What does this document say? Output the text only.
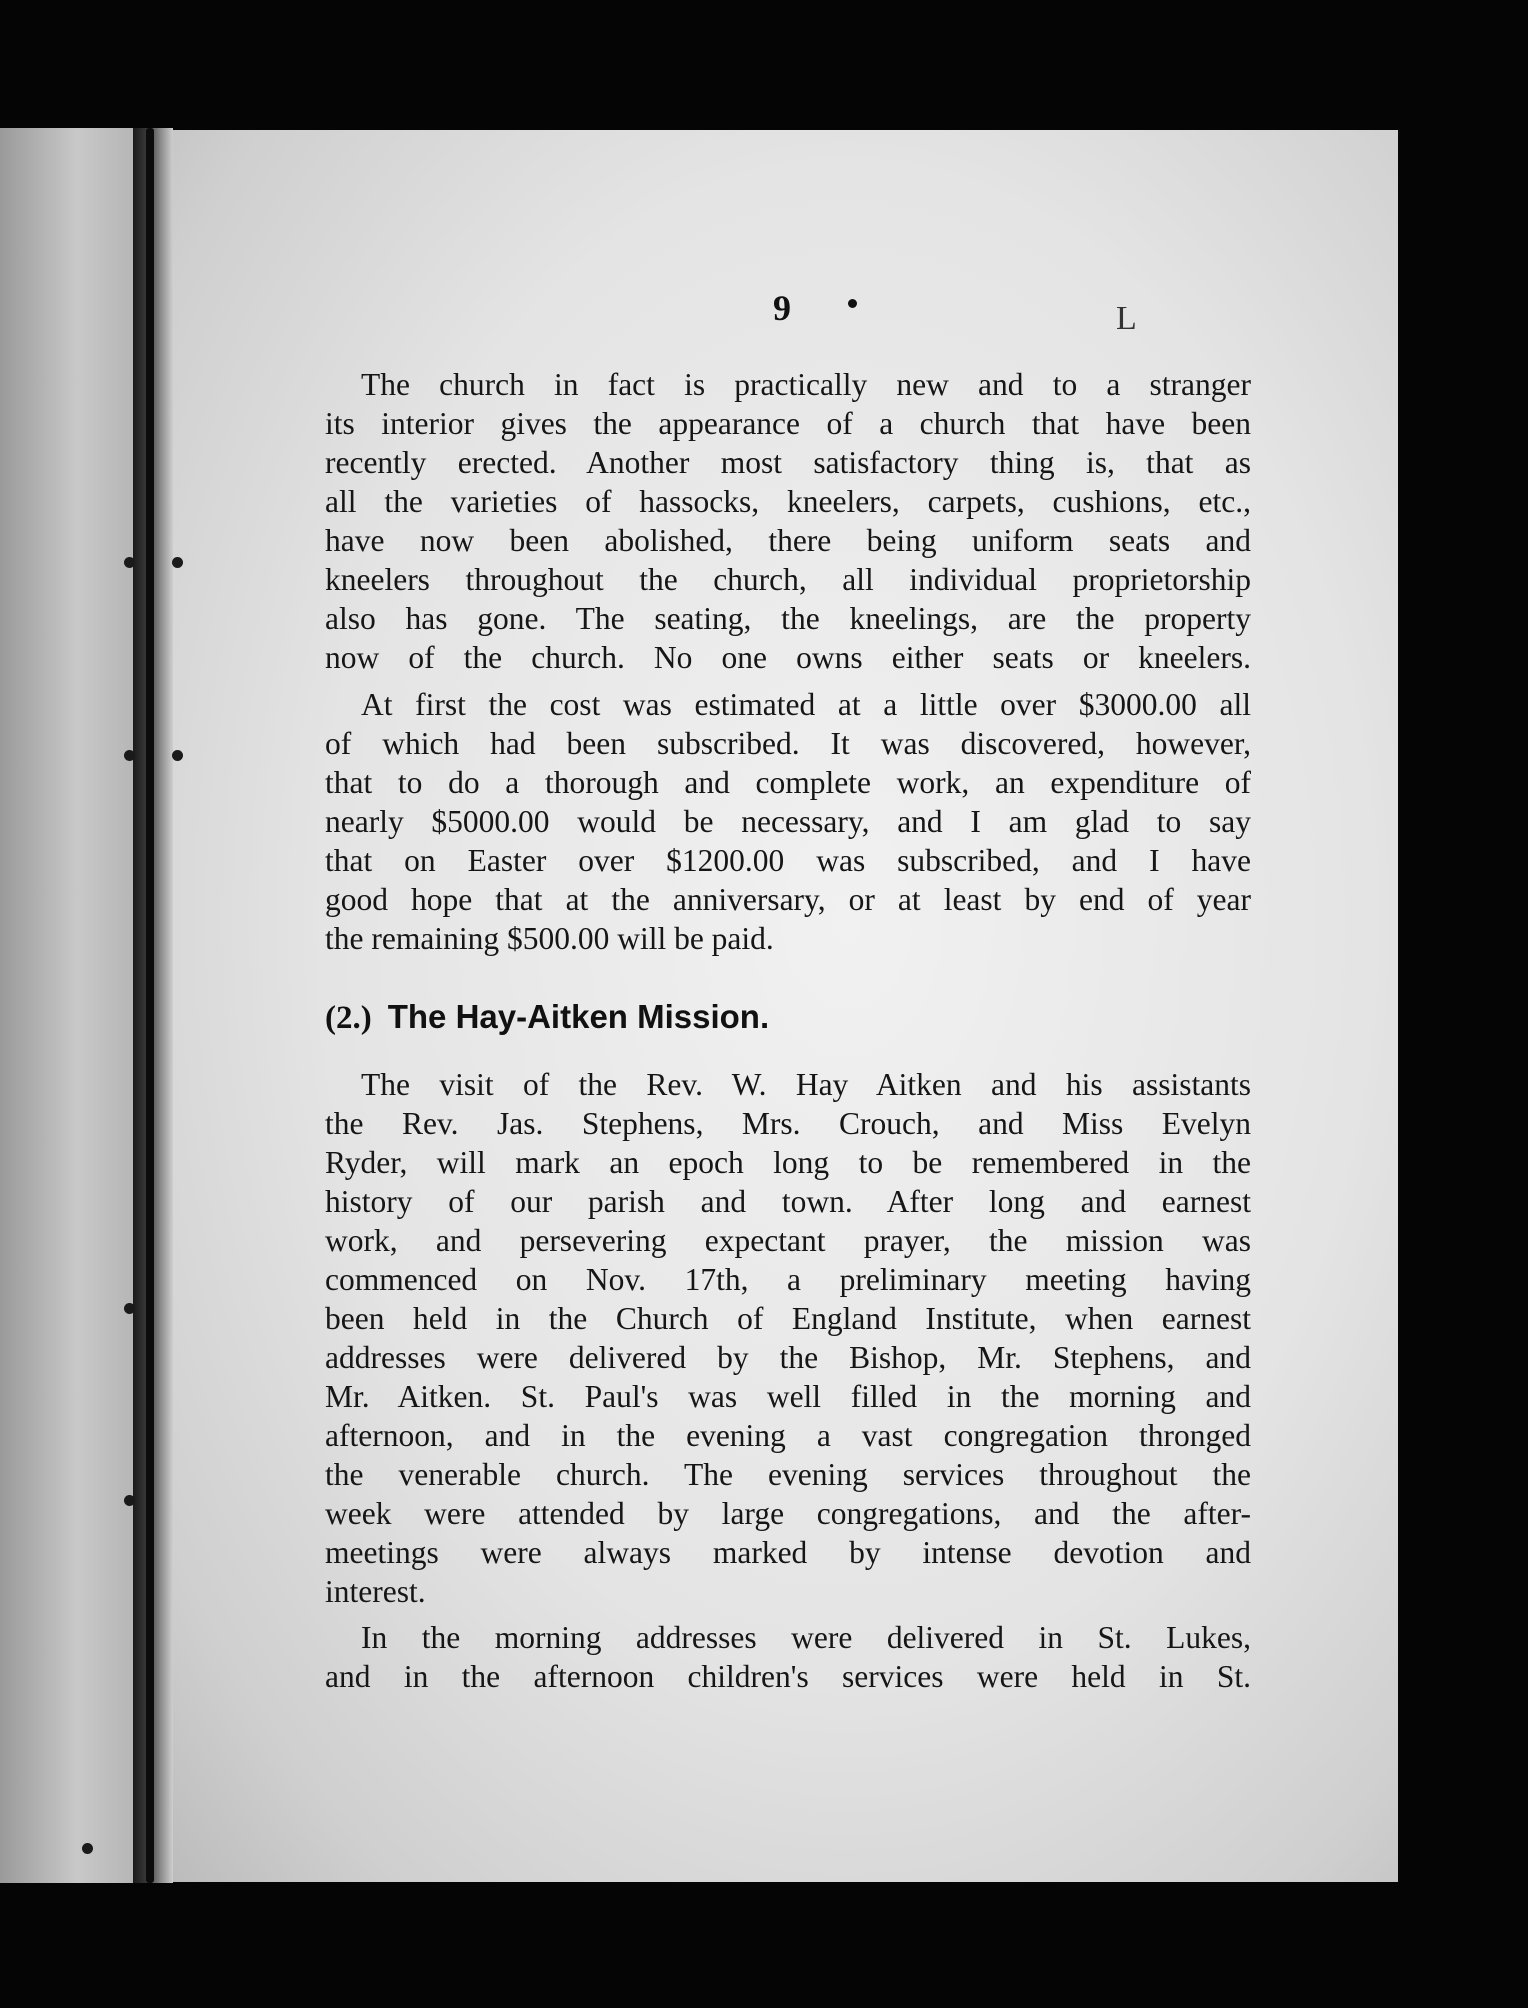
9	L
The church in fact is practically new and to a stranger
its interior gives the appearance of a church that have been
recently erected. Another most satisfactory thing is, that as
all the varieties of hassocks, kneelers, carpets, cushions, etc.,
have now been abolished, there being uniform seats and
kneelers throughout the church, all individual proprietorship
also has gone. The seating, the kneelings, are the property
now of the church. No one owns either seats or kneelers.
At first the cost was estimated at a little over $3000.00 all
of which had been subscribed. It was discovered, however,
that to do a thorough and complete work, an expenditure of
nearly $5000.00 would be necessary, and I am glad to say
that on Easter over $1200.00 was subscribed, and I have
good hope that at the anniversary, or at least by end of year
the remaining $500.00 will be paid.
(2.) The Hay-Aitken Mission.
The visit of the Rev. W. Hay Aitken and his assistants
the Rev. Jas. Stephens, Mrs. Crouch, and Miss Evelyn
Ryder, will mark an epoch long to be remembered in the
history of our parish and town. After long and earnest
work, and persevering expectant prayer, the mission was
commenced on Nov. 17th, a preliminary meeting having
been held in the Church of England Institute, when earnest
addresses were delivered by the Bishop, Mr. Stephens, and
Mr. Aitken. St. Paul's was well filled in the morning and
afternoon, and in the evening a vast congregation thronged
the venerable church. The evening services throughout the
week were attended by large congregations, and the after-
meetings were always marked by intense devotion and
interest.
In the morning addresses were delivered in St. Lukes,
and in the afternoon children's services were held in St.
